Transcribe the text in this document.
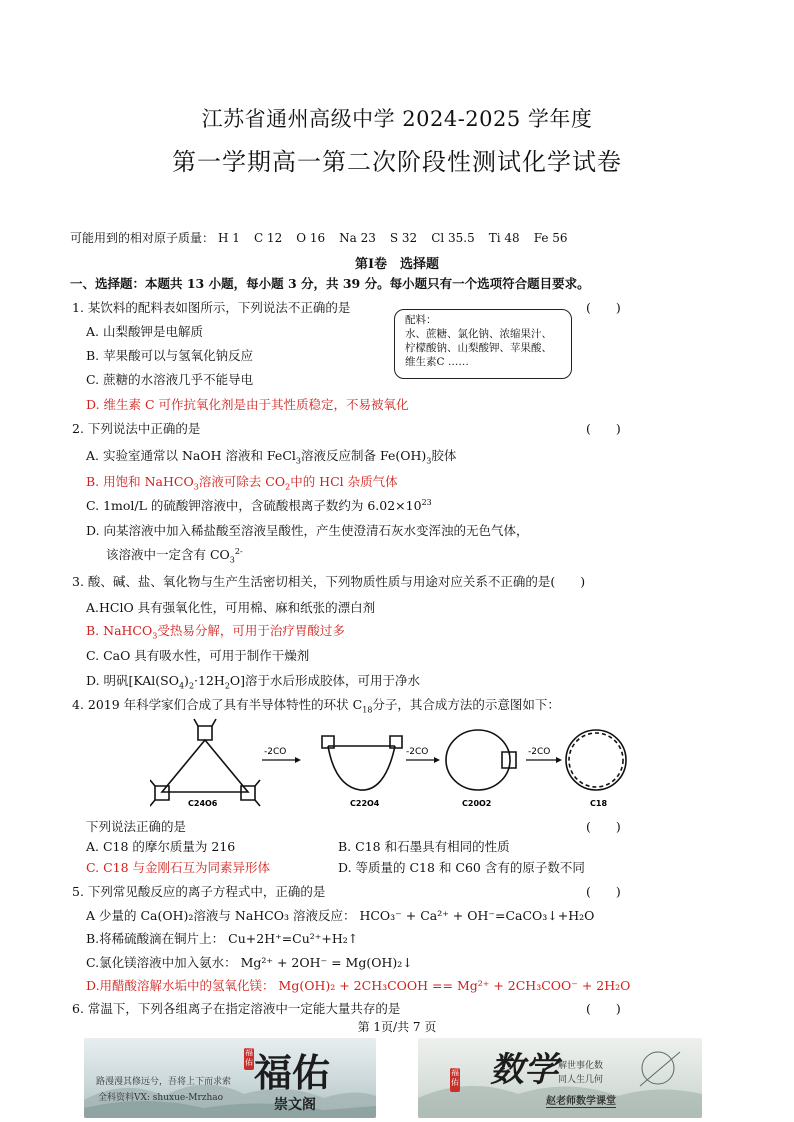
江苏省通州高级中学 2024-2025 学年度
第一学期高一第二次阶段性测试化学试卷
可能用到的相对原子质量： H 1 C 12 O 16 Na 23 S 32 Cl 35.5 Ti 48 Fe 56
第Ⅰ卷　选择题
一、选择题：本题共 13 小题，每小题 3 分，共 39 分。每小题只有一个选项符合题目要求。
1. 某饮料的配料表如图所示，下列说法不正确的是	(　　)
配料：
水、蔗糖、氯化钠、浓缩果汁、柠檬酸钠、山梨酸钾、苹果酸、维生素C ……
A. 山梨酸钾是电解质
B. 苹果酸可以与氢氧化钠反应
C. 蔗糖的水溶液几乎不能导电
D. 维生素 C 可作抗氧化剂是由于其性质稳定，不易被氧化
2. 下列说法中正确的是	(　　)
A. 实验室通常以 NaOH 溶液和 FeCl$_3$溶液反应制备 $Fe(OH)_3$胶体
B. 用饱和 NaHCO$_3$溶液可除去 $CO_2$中的 HCl 杂质气体
C. 1mol/L 的硫酸钾溶液中，含硫酸根离子数约为 $6.02\times 10^{23}$
D. 向某溶液中加入稀盐酸至溶液呈酸性，产生使澄清石灰水变浑浊的无色气体，
该溶液中一定含有 $CO_3^{2-}$
3. 酸、碱、盐、氧化物与生产生活密切相关，下列物质性质与用途对应关系不正确的是(　　)
A.HClO 具有强氧化性，可用棉、麻和纸张的漂白剂
B. NaHCO$_3$受热易分解，可用于治疗胃酸过多
C. CaO 具有吸水性，可用于制作干燥剂
D. 明矾$[KAl(SO_4)_2\cdot 12H_2O]$溶于水后形成胶体，可用于净水
4. 2019 年科学家们合成了具有半导体特性的环状 $C_{18}$分子，其合成方法的示意图如下：
C24O6
-2CO
C22O4
-2CO
C20O2
-2CO
C18
下列说法正确的是	(　　)
A. C18 的摩尔质量为 216	B. C18 和石墨具有相同的性质
C. C18 与金刚石互为同素异形体	D. 等质量的 C18 和 C60 含有的原子数不同
5. 下列常见酸反应的离子方程式中，正确的是	(　　)
A 少量的 Ca(OH)₂溶液与 NaHCO₃ 溶液反应： HCO₃⁻ + Ca²⁺ + OH⁻=CaCO₃↓+H₂O
B.将稀硫酸滴在铜片上： Cu+2H⁺=Cu²⁺+H₂↑
C.氯化镁溶液中加入氨水： Mg²⁺ + 2OH⁻ = Mg(OH)₂↓
D.用醋酸溶解水垢中的氢氧化镁： Mg(OH)₂ + 2CH₃COOH == Mg²⁺ + 2CH₃COO⁻ + 2H₂O
6. 常温下，下列各组离子在指定溶液中一定能大量共存的是	(　　)
第 1页/共 7 页
路漫漫其修远兮，吾将上下而求索
全科资料VX: shuxue-Mrzhao
福佑
福佑
崇文阁
福佑 数学 解世事化数
同人生几何
赵老师数学课堂
